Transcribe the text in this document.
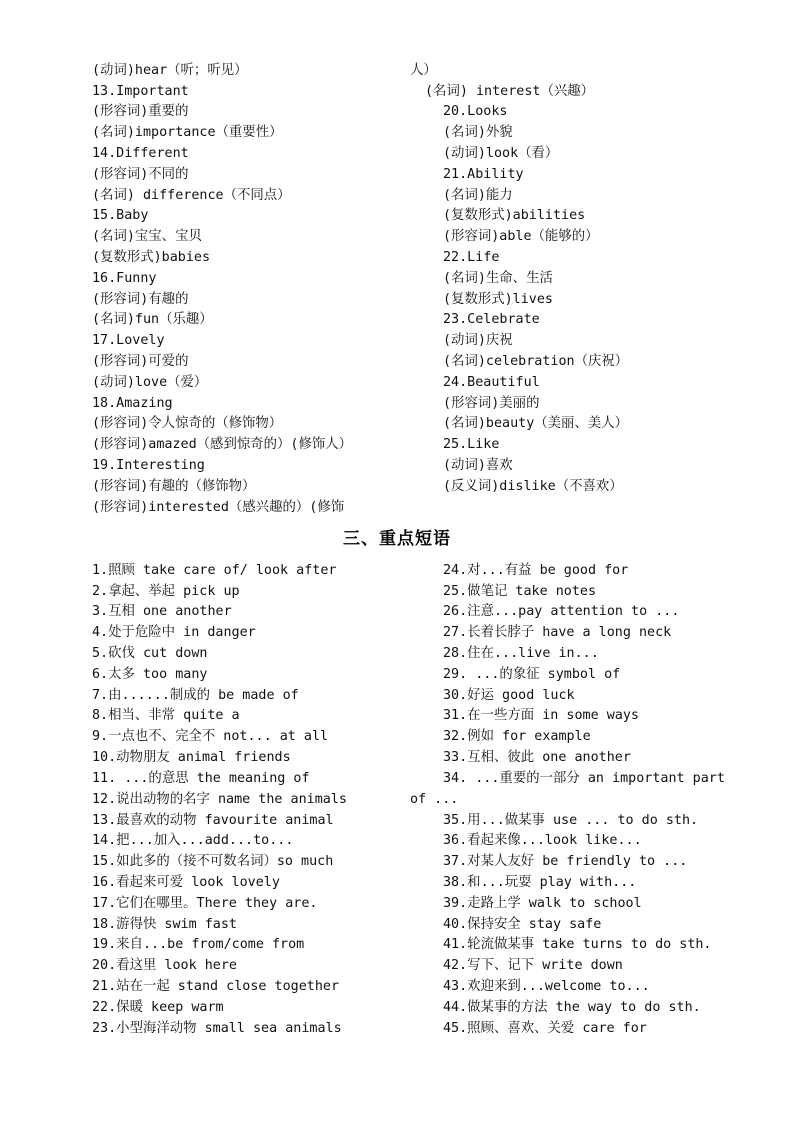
(动词)hear（听；听见）
13.Important
(形容词)重要的
(名词)importance（重要性）
14.Different
(形容词)不同的
(名词) difference（不同点）
15.Baby
(名词)宝宝、宝贝
(复数形式)babies
16.Funny
(形容词)有趣的
(名词)fun（乐趣）
17.Lovely
(形容词)可爱的
(动词)love（爱）
18.Amazing
(形容词)令人惊奇的（修饰物）
(形容词)amazed（感到惊奇的）(修饰人）
19.Interesting
(形容词)有趣的（修饰物）
(形容词)interested（感兴趣的）(修饰
人）
(名词) interest（兴趣）
20.Looks
(名词)外貌
(动词)look（看）
21.Ability
(名词)能力
(复数形式)abilities
(形容词)able（能够的）
22.Life
(名词)生命、生活
(复数形式)lives
23.Celebrate
(动词)庆祝
(名词)celebration（庆祝）
24.Beautiful
(形容词)美丽的
(名词)beauty（美丽、美人）
25.Like
(动词)喜欢
(反义词)dislike（不喜欢）
三、重点短语
1.照顾 take care of/ look after
2.拿起、举起 pick up
3.互相 one another
4.处于危险中 in danger
5.砍伐 cut down
6.太多 too many
7.由......制成的 be made of
8.相当、非常 quite a
9.一点也不、完全不 not... at all
10.动物朋友 animal friends
11. ...的意思 the meaning of
12.说出动物的名字 name the animals
13.最喜欢的动物 favourite animal
14.把...加入...add...to...
15.如此多的（接不可数名词）so much
16.看起来可爱 look lovely
17.它们在哪里。There they are.
18.游得快 swim fast
19.来自...be from/come from
20.看这里 look here
21.站在一起 stand close together
22.保暖 keep warm
23.小型海洋动物 small sea animals
24.对...有益 be good for
25.做笔记 take notes
26.注意...pay attention to ...
27.长着长脖子 have a long neck
28.住在...live in...
29. ...的象征 symbol of
30.好运 good luck
31.在一些方面 in some ways
32.例如 for example
33.互相、彼此 one another
34. ...重要的一部分 an important part
of ...
35.用...做某事 use ... to do sth.
36.看起来像...look like...
37.对某人友好 be friendly to ...
38.和...玩耍 play with...
39.走路上学 walk to school
40.保持安全 stay safe
41.轮流做某事 take turns to do sth.
42.写下、记下 write down
43.欢迎来到...welcome to...
44.做某事的方法 the way to do sth.
45.照顾、喜欢、关爱 care for
